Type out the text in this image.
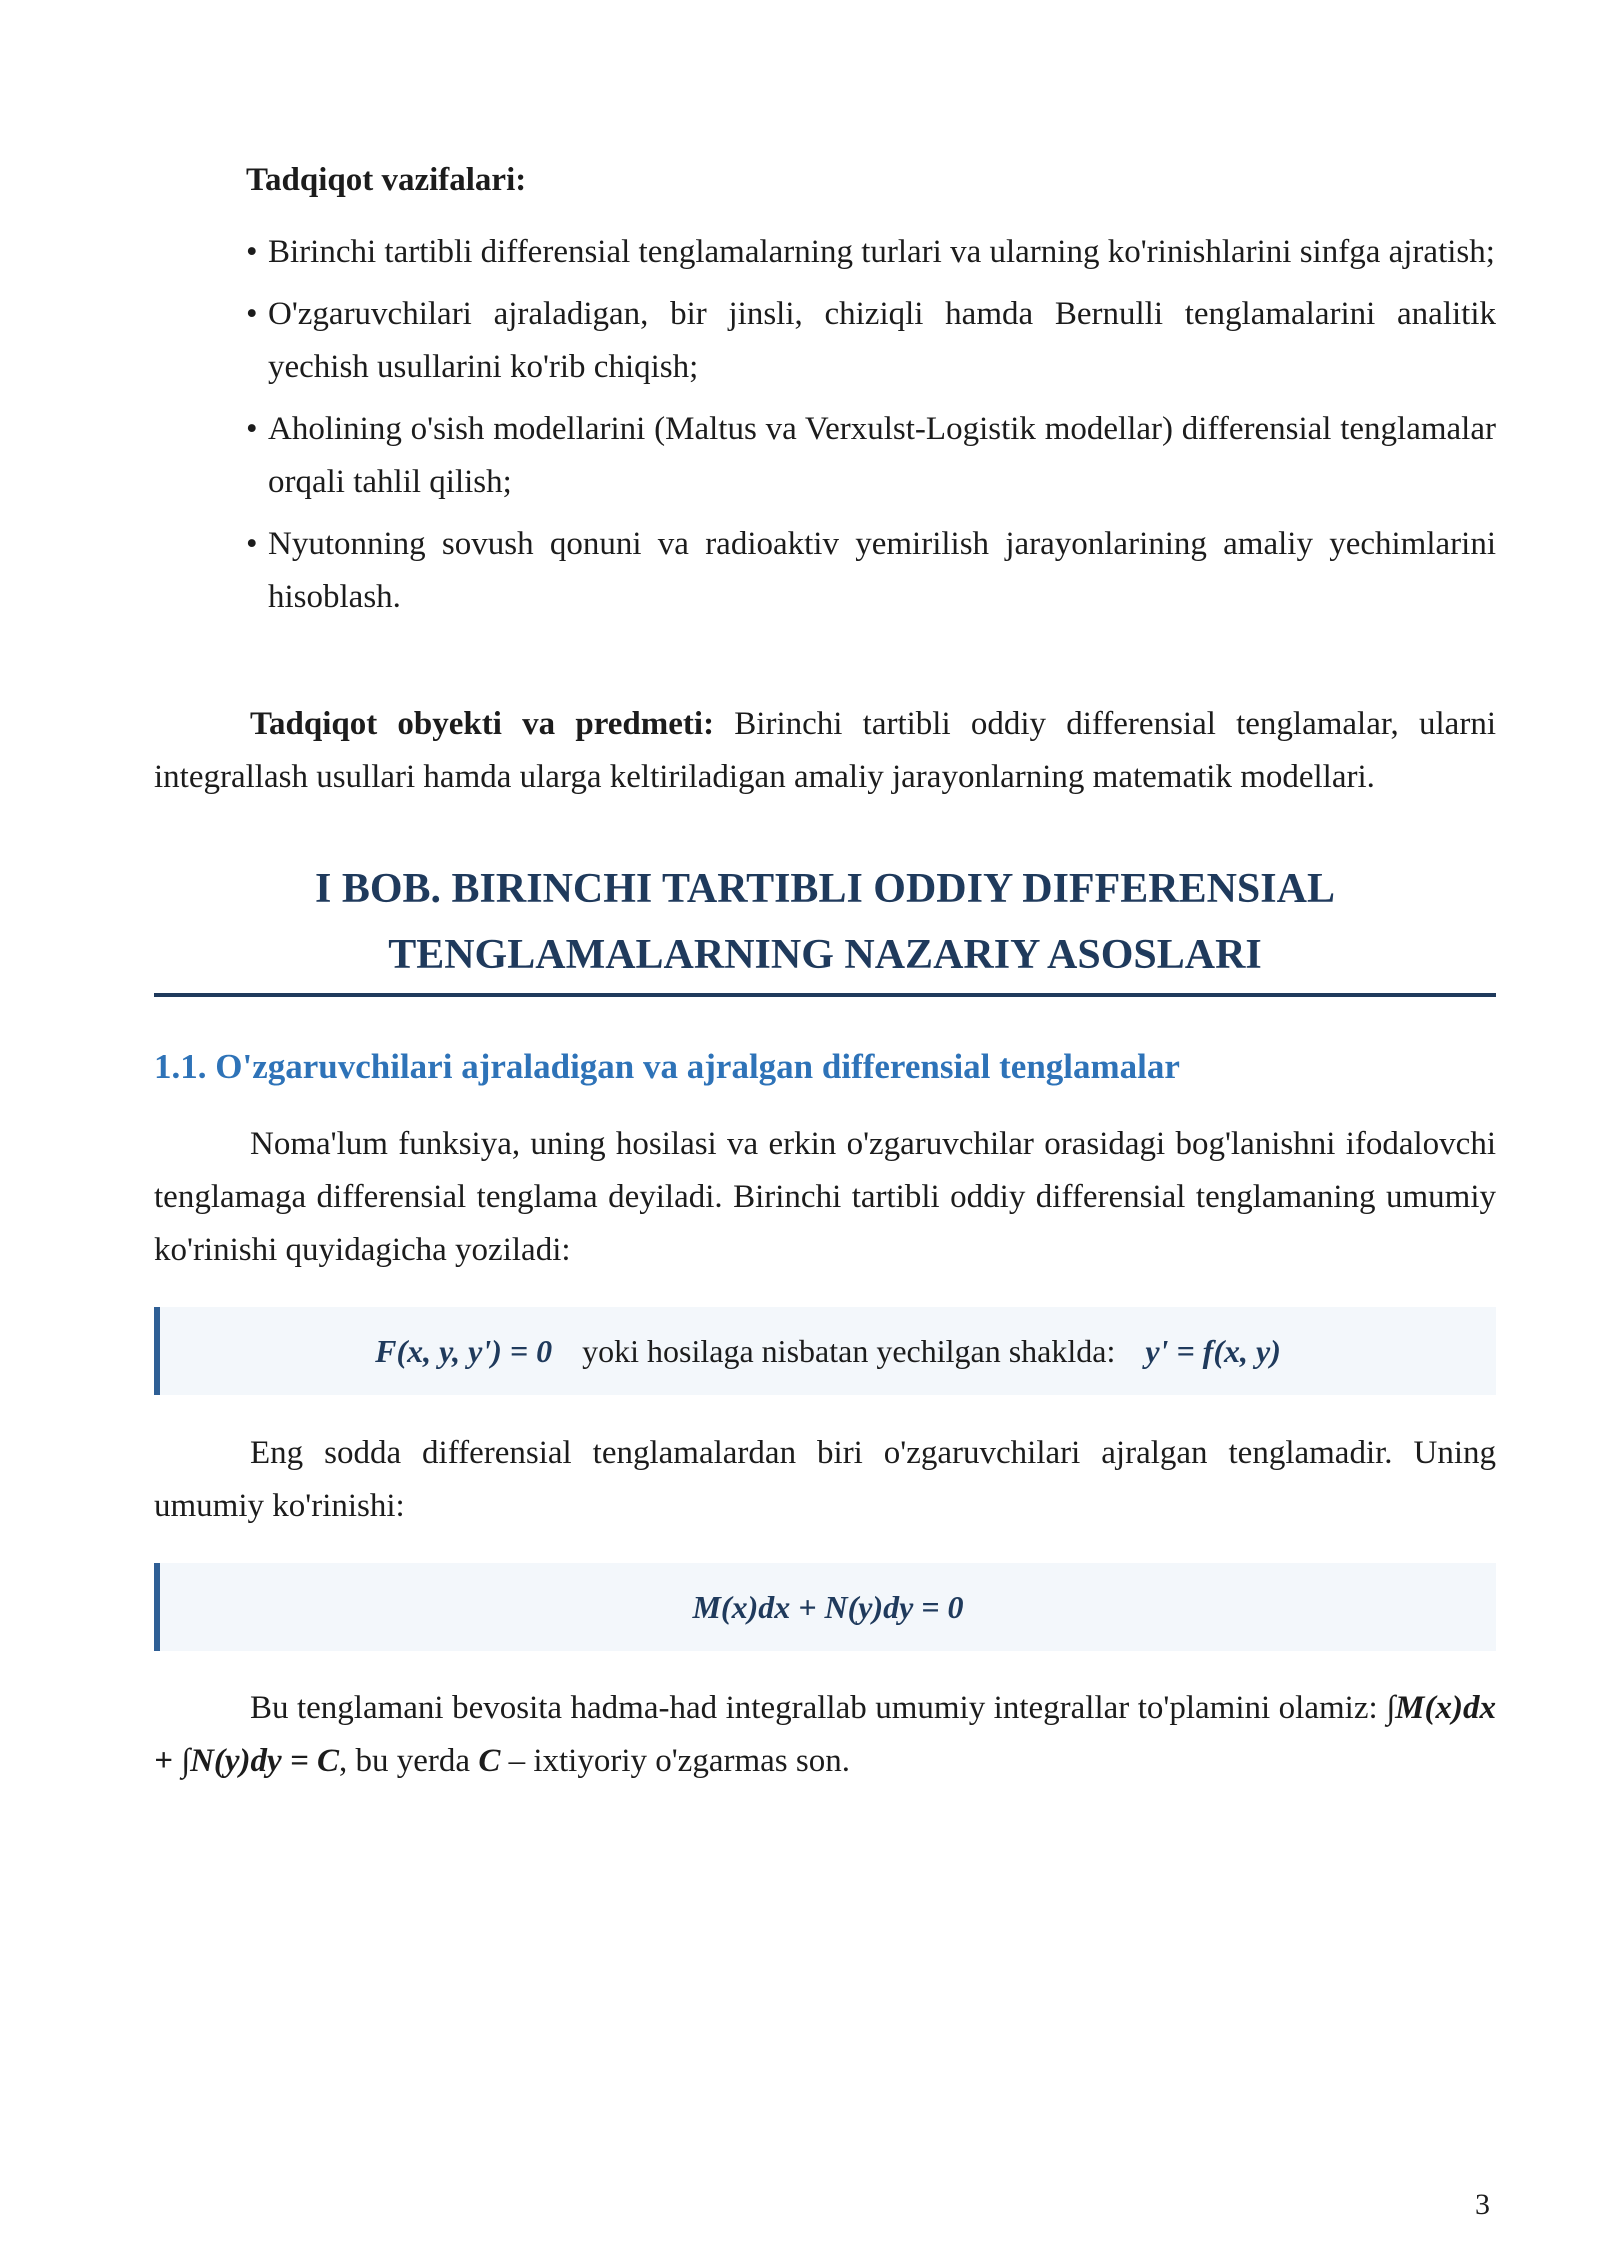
Tadqiqot vazifalari:

• Birinchi tartibli differensial tenglamalarning turlari va ularning ko'rinishlarini sinfga ajratish;
• O'zgaruvchilari ajraladigan, bir jinsli, chiziqli hamda Bernulli tenglamalarini analitik yechish usullarini ko'rib chiqish;
• Aholining o'sish modellarini (Maltus va Verxulst-Logistik modellar) differensial tenglamalar orqali tahlil qilish;
• Nyutonning sovush qonuni va radioaktiv yemirilish jarayonlarining amaliy yechimlarini hisoblash.

Tadqiqot obyekti va predmeti: Birinchi tartibli oddiy differensial tenglamalar, ularni integrallash usullari hamda ularga keltiriladigan amaliy jarayonlarning matematik modellari.

I BOB. BIRINCHI TARTIBLI ODDIY DIFFERENSIAL
TENGLAMALARNING NAZARIY ASOSLARI

1.1. O'zgaruvchilari ajraladigan va ajralgan differensial tenglamalar

Noma'lum funksiya, uning hosilasi va erkin o'zgaruvchilar orasidagi bog'lanishni ifodalovchi tenglamaga differensial tenglama deyiladi. Birinchi tartibli oddiy differensial tenglamaning umumiy ko'rinishi quyidagicha yoziladi:

F(x, y, y') = 0 yoki hosilaga nisbatan yechilgan shaklda: y' = f(x, y)

Eng sodda differensial tenglamalardan biri o'zgaruvchilari ajralgan tenglamadir. Uning umumiy ko'rinishi:

M(x)dx + N(y)dy = 0

Bu tenglamani bevosita hadma-had integrallab umumiy integrallar to'plamini olamiz: ∫M(x)dx + ∫N(y)dy = C, bu yerda C – ixtiyoriy o'zgarmas son.

3
